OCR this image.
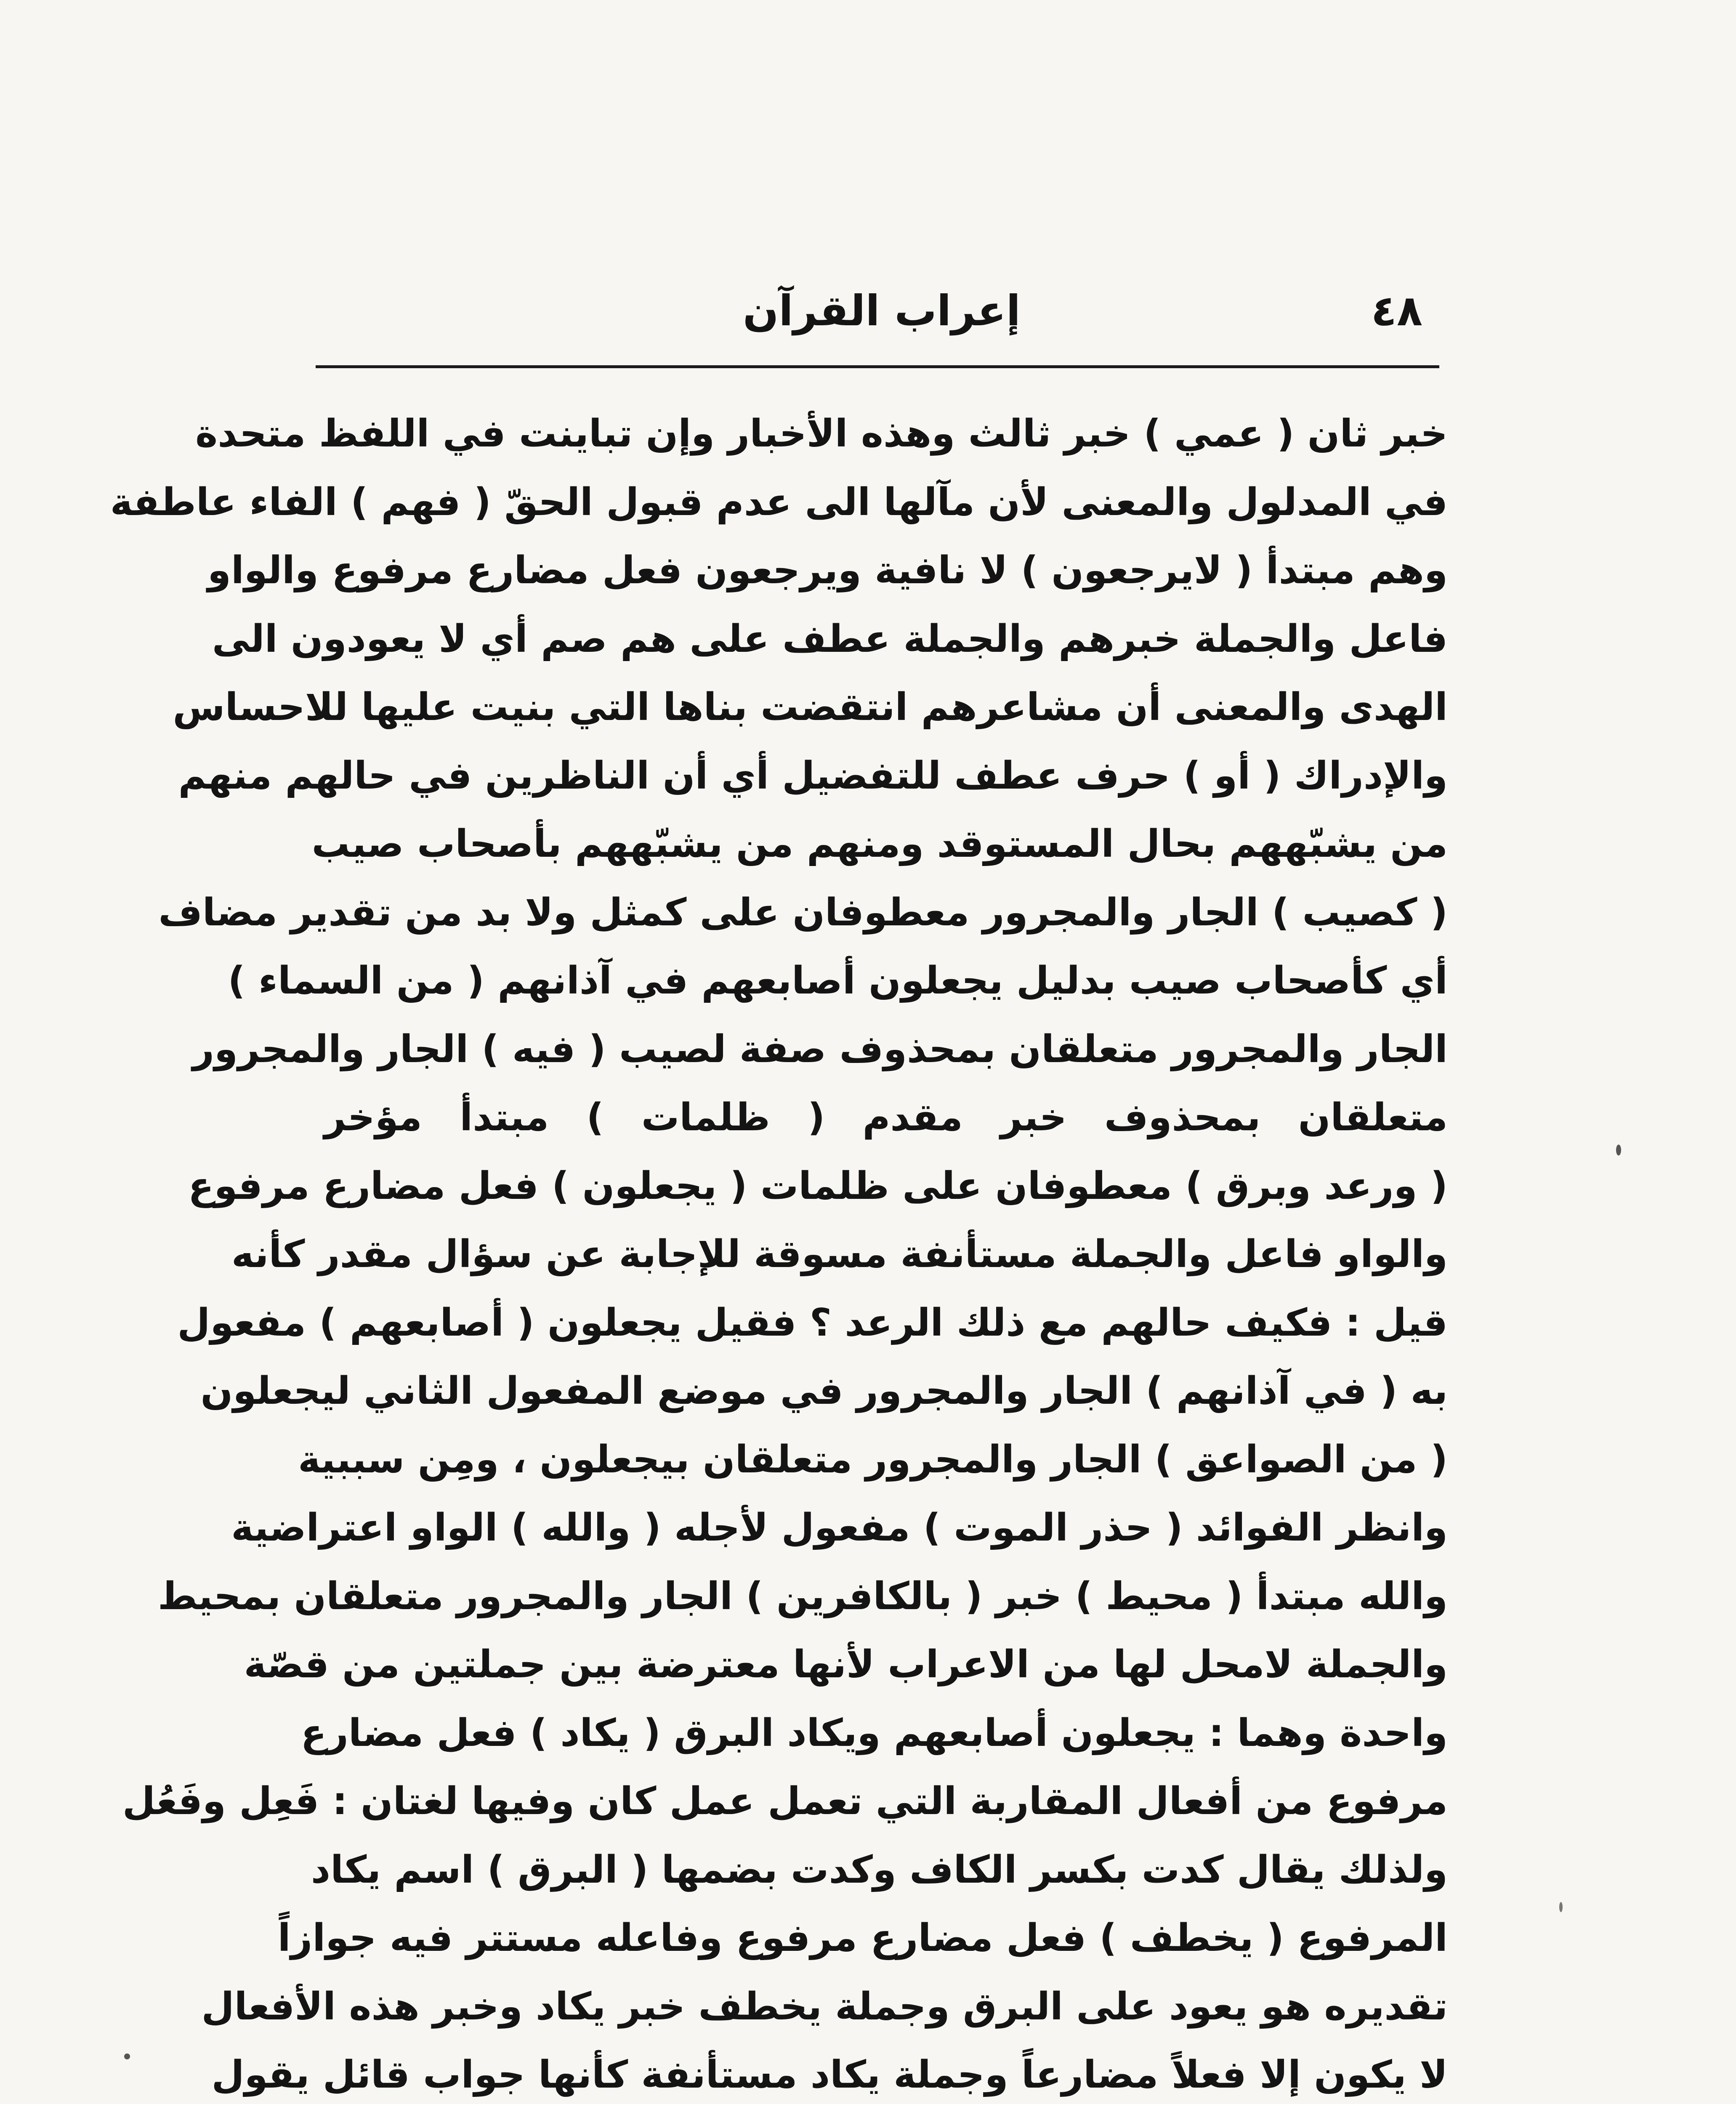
٤٨
إعراب القرآن
خبر ثان ( عمي ) خبر ثالث وهذه الأخبار وإن تباينت في اللفظ متحدة
في المدلول والمعنى لأن مآلها الى عدم قبول الحقّ ( فهم ) الفاء عاطفة
وهم مبتدأ ( لايرجعون ) لا نافية ويرجعون فعل مضارع مرفوع والواو
فاعل والجملة خبرهم والجملة عطف على هم صم أي لا يعودون الى
الهدى والمعنى أن مشاعرهم انتقضت بناها التي بنيت عليها للاحساس
والإدراك ( أو ) حرف عطف للتفضيل أي أن الناظرين في حالهم منهم
من يشبّههم بحال المستوقد ومنهم من يشبّههم بأصحاب صيب
( كصيب ) الجار والمجرور معطوفان على كمثل ولا بد من تقدير مضاف
أي كأصحاب صيب بدليل يجعلون أصابعهم في آذانهم ( من السماء )
الجار والمجرور متعلقان بمحذوف صفة لصيب ( فيه ) الجار والمجرور
متعلقان بمحذوف خبر مقدم ( ظلمات ) مبتدأ مؤخر
( ورعد وبرق ) معطوفان على ظلمات ( يجعلون ) فعل مضارع مرفوع
والواو فاعل والجملة مستأنفة مسوقة للإجابة عن سؤال مقدر كأنه
قيل : فكيف حالهم مع ذلك الرعد ؟ فقيل يجعلون ( أصابعهم ) مفعول
به ( في آذانهم ) الجار والمجرور في موضع المفعول الثاني ليجعلون
( من الصواعق ) الجار والمجرور متعلقان بيجعلون ، ومِن سببية
وانظر الفوائد ( حذر الموت ) مفعول لأجله ( والله ) الواو اعتراضية
والله مبتدأ ( محيط ) خبر ( بالكافرين ) الجار والمجرور متعلقان بمحيط
والجملة لامحل لها من الاعراب لأنها معترضة بين جملتين من قصّة
واحدة وهما : يجعلون أصابعهم ويكاد البرق ( يكاد ) فعل مضارع
مرفوع من أفعال المقاربة التي تعمل عمل كان وفيها لغتان : فَعِل وفَعُل
ولذلك يقال كدت بكسر الكاف وكدت بضمها ( البرق ) اسم يكاد
المرفوع ( يخطف ) فعل مضارع مرفوع وفاعله مستتر فيه جوازاً
تقديره هو يعود على البرق وجملة يخطف خبر يكاد وخبر هذه الأفعال
لا يكون إلا فعلاً مضارعاً وجملة يكاد مستأنفة كأنها جواب قائل يقول
